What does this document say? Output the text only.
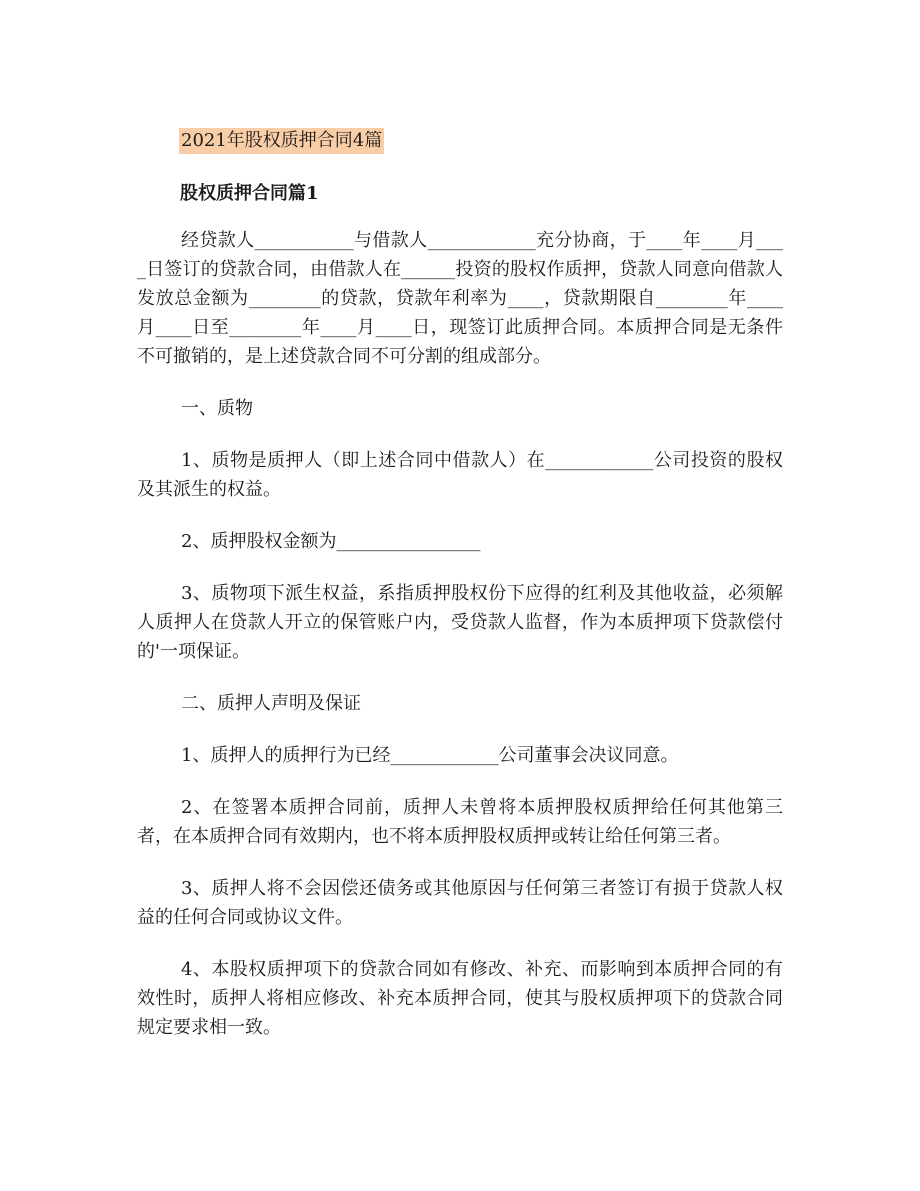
2021年股权质押合同4篇
股权质押合同篇1

经贷款人___________与借款人____________充分协商，于____年____月____日签订的贷款合同，由借款人在______投资的股权作质押，贷款人同意向借款人发放总金额为________的贷款，贷款年利率为____，贷款期限自________年____月____日至________年____月____日，现签订此质押合同。本质押合同是无条件不可撤销的，是上述贷款合同不可分割的组成部分。

一、质物

1、质物是质押人（即上述合同中借款人）在____________公司投资的股权及其派生的权益。

2、质押股权金额为________________

3、质物项下派生权益，系指质押股权份下应得的红利及其他收益，必须解人质押人在贷款人开立的保管账户内，受贷款人监督，作为本质押项下贷款偿付的'一项保证。

二、质押人声明及保证

1、质押人的质押行为已经____________公司董事会决议同意。

2、在签署本质押合同前，质押人未曾将本质押股权质押给任何其他第三者，在本质押合同有效期内，也不将本质押股权质押或转让给任何第三者。

3、质押人将不会因偿还债务或其他原因与任何第三者签订有损于贷款人权益的任何合同或协议文件。

4、本股权质押项下的贷款合同如有修改、补充、而影响到本质押合同的有效性时，质押人将相应修改、补充本质押合同，使其与股权质押项下的贷款合同规定要求相一致。
